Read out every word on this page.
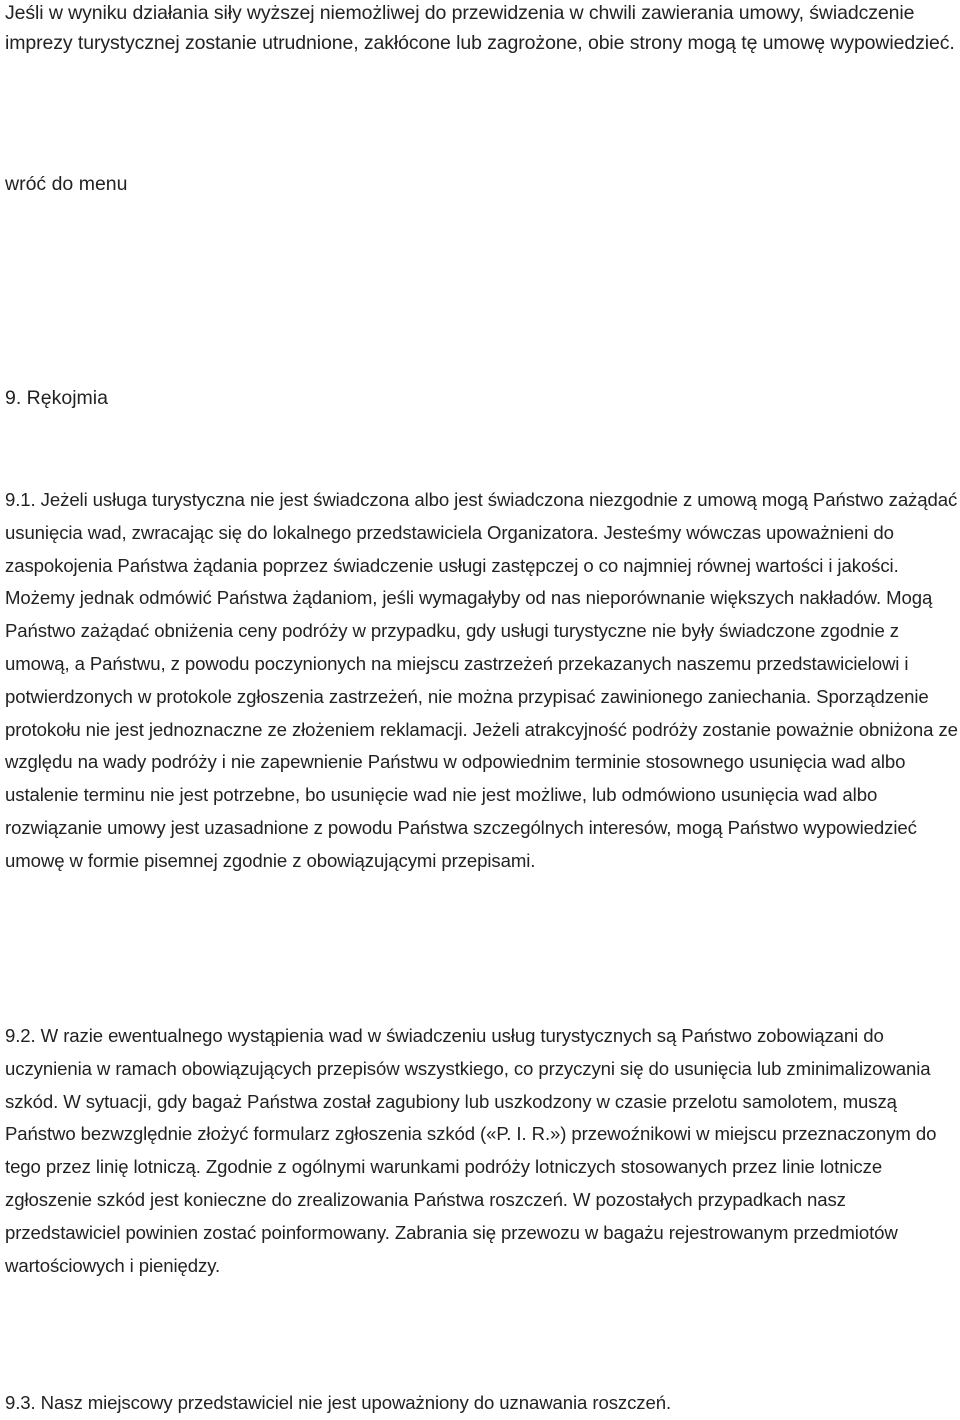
Jeśli w wyniku działania siły wyższej niemożliwej do przewidzenia w chwili zawierania umowy, świadczenie imprezy turystycznej zostanie utrudnione, zakłócone lub zagrożone, obie strony mogą tę umowę wypowiedzieć.

wróć do menu
9. Rękojmia

9.1. Jeżeli usługa turystyczna nie jest świadczona albo jest świadczona niezgodnie z umową mogą Państwo zażądać usunięcia wad, zwracając się do lokalnego przedstawiciela Organizatora. Jesteśmy wówczas upoważnieni do zaspokojenia Państwa żądania poprzez świadczenie usługi zastępczej o co najmniej równej wartości i jakości. Możemy jednak odmówić Państwa żądaniom, jeśli wymagałyby od nas nieporównanie większych nakładów. Mogą Państwo zażądać obniżenia ceny podróży w przypadku, gdy usługi turystyczne nie były świadczone zgodnie z umową, a Państwu, z powodu poczynionych na miejscu zastrzeżeń przekazanych naszemu przedstawicielowi i potwierdzonych w protokole zgłoszenia zastrzeżeń, nie można przypisać zawinionego zaniechania. Sporządzenie protokołu nie jest jednoznaczne ze złożeniem reklamacji. Jeżeli atrakcyjność podróży zostanie poważnie obniżona ze względu na wady podróży i nie zapewnienie Państwu w odpowiednim terminie stosownego usunięcia wad albo ustalenie terminu nie jest potrzebne, bo usunięcie wad nie jest możliwe, lub odmówiono usunięcia wad albo rozwiązanie umowy jest uzasadnione z powodu Państwa szczególnych interesów, mogą Państwo wypowiedzieć umowę w formie pisemnej zgodnie z obowiązującymi przepisami.

9.2. W razie ewentualnego wystąpienia wad w świadczeniu usług turystycznych są Państwo zobowiązani do uczynienia w ramach obowiązujących przepisów wszystkiego, co przyczyni się do usunięcia lub zminimalizowania szkód. W sytuacji, gdy bagaż Państwa został zagubiony lub uszkodzony w czasie przelotu samolotem, muszą Państwo bezwzględnie złożyć formularz zgłoszenia szkód («P. I. R.») przewoźnikowi w miejscu przeznaczonym do tego przez linię lotniczą. Zgodnie z ogólnymi warunkami podróży lotniczych stosowanych przez linie lotnicze zgłoszenie szkód jest konieczne do zrealizowania Państwa roszczeń. W pozostałych przypadkach nasz przedstawiciel powinien zostać poinformowany. Zabrania się przewozu w bagażu rejestrowanym przedmiotów wartościowych i pieniędzy.

9.3. Nasz miejscowy przedstawiciel nie jest upoważniony do uznawania roszczeń.
